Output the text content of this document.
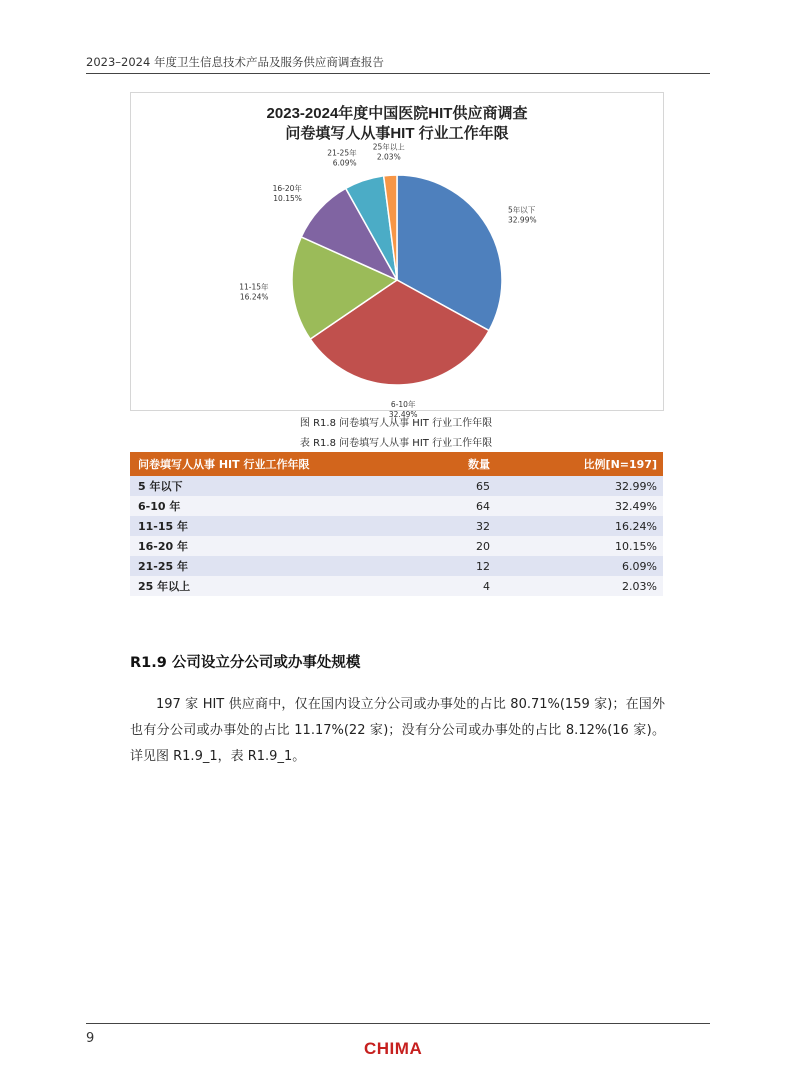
2023–2024 年度卫生信息技术产品及服务供应商调查报告
2023-2024年度中国医院HIT供应商调查
问卷填写人从事HIT 行业工作年限
5年以下 32.99%
6-10年 32.49%
11-15年 16.24%
16-20年 10.15%
21-25年 6.09%
25年以上 2.03%
图 R1.8 问卷填写人从事 HIT 行业工作年限
表 R1.8 问卷填写人从事 HIT 行业工作年限
问卷填写人从事 HIT 行业工作年限	数量	比例[N=197]
5 年以下	65	32.99%
6-10 年	64	32.49%
11-15 年	32	16.24%
16-20 年	20	10.15%
21-25 年	12	6.09%
25 年以上	4	2.03%
R1.9 公司设立分公司或办事处规模

197 家 HIT 供应商中，仅在国内设立分公司或办事处的占比 80.71%(159 家)；在国外也有分公司或办事处的占比 11.17%(22 家)；没有分公司或办事处的占比 8.12%(16 家)。详见图 R1.9_1，表 R1.9_1。

9
CHIMA
